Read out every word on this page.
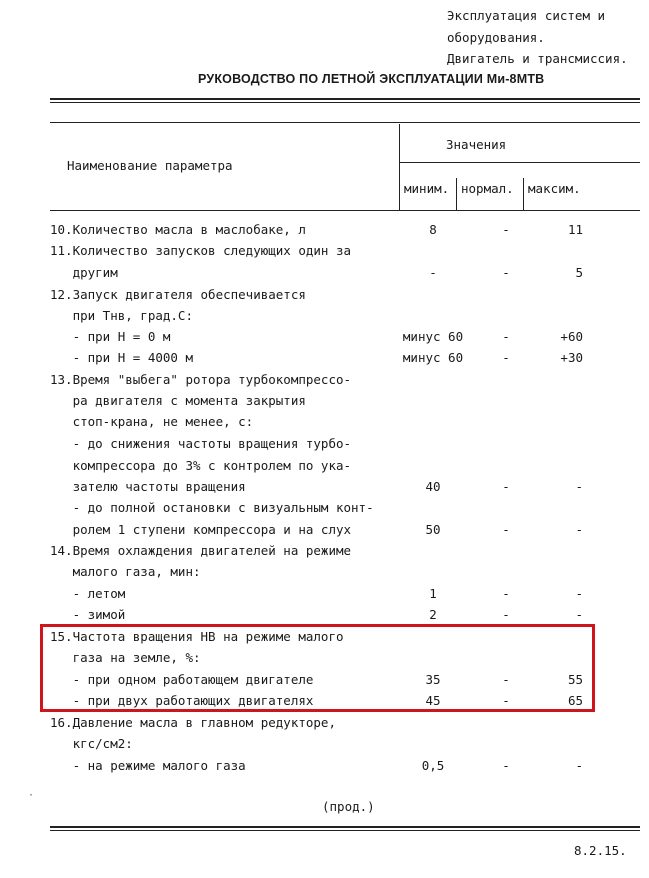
Эксплуатация систем и
оборудования.
Двигатель и трансмиссия.
РУКОВОДСТВО ПО ЛЕТНОЙ ЭКСПЛУАТАЦИИ Ми-8МТВ
Наименование параметра
Значения
миним. нормал. максим.
10.Количество масла в маслобаке, л	8	-	11
11.Количество запусков следующих один за
другим	-	-	5
12.Запуск двигателя обеспечивается
при Тнв, град.С:
- при Н = 0 м	минус 60	-	+60
- при Н = 4000 м	минус 60	-	+30
13.Время "выбега" ротора турбокомпрессо-
ра двигателя с момента закрытия
стоп-крана, не менее, с:
- до снижения частоты вращения турбо-
компрессора до 3% с контролем по ука-
зателю частоты вращения	40	-	-
- до полной остановки с визуальным конт-
ролем 1 ступени компрессора и на слух	50	-	-
14.Время охлаждения двигателей на режиме
малого газа, мин:
- летом	1	-	-
- зимой	2	-	-
15.Частота вращения НВ на режиме малого
газа на земле, %:
- при одном работающем двигателе	35	-	55
- при двух работающих двигателях	45	-	65
16.Давление масла в главном редукторе,
кгс/см2:
- на режиме малого газа	0,5	-	-
·
(прод.)
8.2.15.
